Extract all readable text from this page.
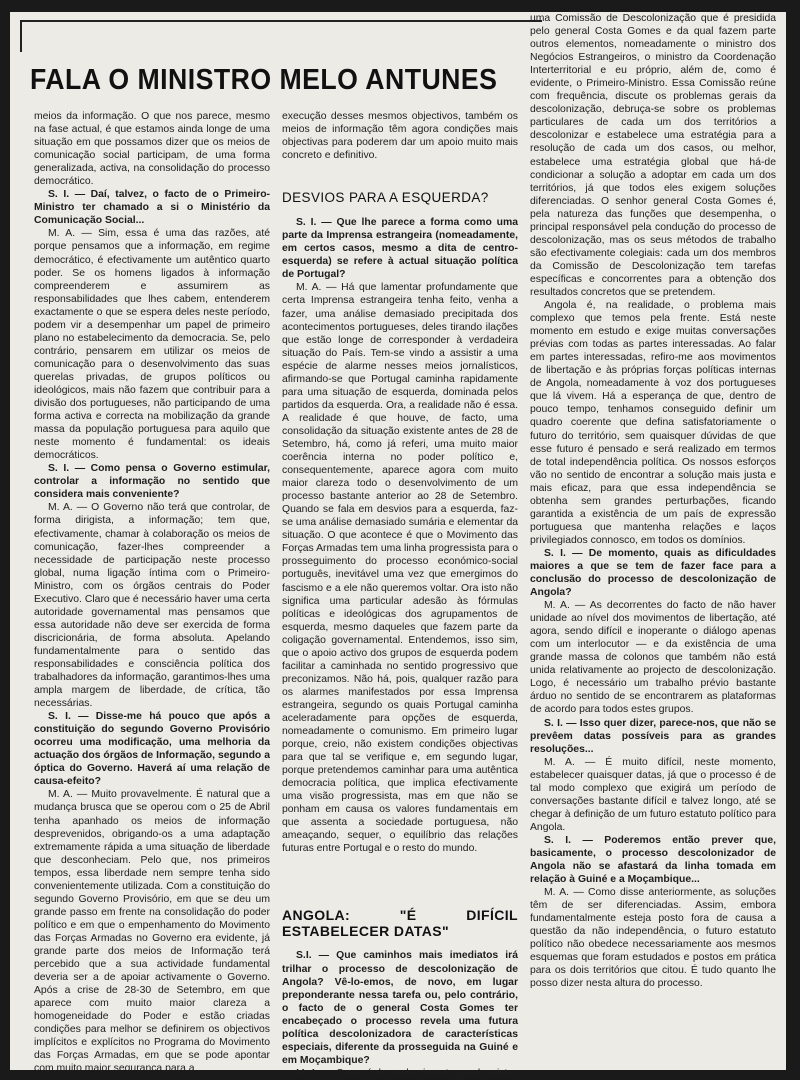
FALA O MINISTRO MELO ANTUNES

meios da informação. O que nos parece, mesmo na fase actual, é que estamos ainda longe de uma situação em que possamos dizer que os meios de comunicação social participam, de uma forma generalizada, activa, na consolidação do processo democrático.

S. I. — Daí, talvez, o facto de o Primeiro-Ministro ter chamado a si o Ministério da Comunicação Social...

M. A. — Sim, essa é uma das razões, até porque pensamos que a informação, em regime democrático, é efectivamente um autêntico quarto poder. Se os homens ligados à informação compreenderem e assumirem as responsabilidades que lhes cabem, entenderem exactamente o que se espera deles neste período, podem vir a desempenhar um papel de primeiro plano no estabelecimento da democracia. Se, pelo contrário, pensarem em utilizar os meios de comunicação para o desenvolvimento das suas querelas privadas, de grupos políticos ou ideológicos, mais não fazem que contribuir para a divisão dos portugueses, não participando de uma forma activa e correcta na mobilização da grande massa da população portuguesa para aquilo que neste momento é fundamental: os ideais democráticos.

S. I. — Como pensa o Governo estimular, controlar a informação no sentido que considera mais conveniente?

M. A. — O Governo não terá que controlar, de forma dirigista, a informação; tem que, efectivamente, chamar à colaboração os meios de comunicação, fazer-lhes compreender a necessidade de participação neste processo global, numa ligação íntima com o Primeiro-Ministro, com os órgãos centrais do Poder Executivo. Claro que é necessário haver uma certa autoridade governamental mas pensamos que essa autoridade não deve ser exercida de forma discricionária, de forma absoluta. Apelando fundamentalmente para o sentido das responsabilidades e consciência política dos trabalhadores da informação, garantimos-lhes uma ampla margem de liberdade, de crítica, tão necessárias.

S. I. — Disse-me há pouco que após a constituição do segundo Governo Provisório ocorreu uma modificação, uma melhoria da actuação dos órgãos de Informação, segundo a óptica do Governo. Haverá aí uma relação de causa-efeito?

M. A. — Muito provavelmente. É natural que a mudança brusca que se operou com o 25 de Abril tenha apanhado os meios de informação desprevenidos, obrigando-os a uma adaptação extremamente rápida a uma situação de liberdade que desconheciam. Pelo que, nos primeiros tempos, essa liberdade nem sempre tenha sido convenientemente utilizada. Com a constituição do segundo Governo Provisório, em que se deu um grande passo em frente na consolidação do poder político e em que o empenhamento do Movimento das Forças Armadas no Governo era evidente, já grande parte dos meios de Informação terá percebido que a sua actividade fundamental deveria ser a de apoiar activamente o Governo. Após a crise de 28-30 de Setembro, em que aparece com muito maior clareza a homogeneidade do Poder e estão criadas condições para melhor se definirem os objectivos implícitos e explícitos no Programa do Movimento das Forças Armadas, em que se pode apontar com muito maior segurança para a

execução desses mesmos objectivos, também os meios de informação têm agora condições mais objectivas para poderem dar um apoio muito mais concreto e definitivo.

DESVIOS PARA A ESQUERDA?

S. I. — Que lhe parece a forma como uma parte da Imprensa estrangeira (nomeadamente, em certos casos, mesmo a dita de centro-esquerda) se refere à actual situação política de Portugal?

M. A. — Há que lamentar profundamente que certa Imprensa estrangeira tenha feito, venha a fazer, uma análise demasiado precipitada dos acontecimentos portugueses, deles tirando ilações que estão longe de corresponder à verdadeira situação do País. Tem-se vindo a assistir a uma espécie de alarme nesses meios jornalísticos, afirmando-se que Portugal caminha rapidamente para uma situação de esquerda, dominada pelos partidos da esquerda. Ora, a realidade não é essa. A realidade é que houve, de facto, uma consolidação da situação existente antes de 28 de Setembro, há, como já referi, uma muito maior coerência interna no poder político e, consequentemente, aparece agora com muito maior clareza todo o desenvolvimento de um processo bastante anterior ao 28 de Setembro. Quando se fala em desvios para a esquerda, faz-se uma análise demasiado sumária e elementar da situação. O que acontece é que o Movimento das Forças Armadas tem uma linha progressista para o prosseguimento do processo económico-social português, inevitável uma vez que emergimos do fascismo e a ele não queremos voltar. Ora isto não significa uma particular adesão às fórmulas políticas e ideológicas dos agrupamentos de esquerda, mesmo daqueles que fazem parte da coligação governamental. Entendemos, isso sim, que o apoio activo dos grupos de esquerda podem facilitar a caminhada no sentido progressivo que preconizamos. Não há, pois, qualquer razão para os alarmes manifestados por essa Imprensa estrangeira, segundo os quais Portugal caminha aceleradamente para opções de esquerda, nomeadamente o comunismo. Em primeiro lugar porque, creio, não existem condições objectivas para que tal se verifique e, em segundo lugar, porque pretendemos caminhar para uma autêntica democracia política, que implica efectivamente uma visão progressista, mas em que não se ponham em causa os valores fundamentais em que assenta a sociedade portuguesa, não ameaçando, sequer, o equilíbrio das relações futuras entre Portugal e o resto do mundo.

ANGOLA: "É DIFÍCIL ESTABELECER DATAS"

S.I. — Que caminhos mais imediatos irá trilhar o processo de descolonização de Angola? Vê-lo-emos, de novo, em lugar preponderante nessa tarefa ou, pelo contrário, o facto de o general Costa Gomes ter encabeçado o processo revela uma futura política descolonizadora de características especiais, diferente da prosseguida na Guiné e em Moçambique?

M. A. — Como é do conhecimento geral, existe

uma Comissão de Descolonização que é presidida pelo general Costa Gomes e da qual fazem parte outros elementos, nomeadamente o ministro dos Negócios Estrangeiros, o ministro da Coordenação Interterritorial e eu próprio, além de, como é evidente, o Primeiro-Ministro. Essa Comissão reúne com frequência, discute os problemas gerais da descolonização, debruça-se sobre os problemas particulares de cada um dos territórios a descolonizar e estabelece uma estratégia para a resolução de cada um dos casos, ou melhor, estabelece uma estratégia global que há-de condicionar a solução a adoptar em cada um dos territórios, já que todos eles exigem soluções diferenciadas. O senhor general Costa Gomes é, pela natureza das funções que desempenha, o principal responsável pela condução do processo de descolonização, mas os seus métodos de trabalho são efectivamente colegiais: cada um dos membros da Comissão de Descolonização tem tarefas específicas e concorrentes para a obtenção dos resultados concretos que se pretendem.

Angola é, na realidade, o problema mais complexo que temos pela frente. Está neste momento em estudo e exige muitas conversações prévias com todas as partes interessadas. Ao falar em partes interessadas, refiro-me aos movimentos de libertação e às próprias forças políticas internas de Angola, nomeadamente à voz dos portugueses que lá vivem. Há a esperança de que, dentro de pouco tempo, tenhamos conseguido definir um quadro coerente que defina satisfatoriamente o futuro do território, sem quaisquer dúvidas de que esse futuro é pensado e será realizado em termos de total independência política. Os nossos esforços vão no sentido de encontrar a solução mais justa e mais eficaz, para que essa independência se obtenha sem grandes perturbações, ficando garantida a existência de um país de expressão portuguesa que mantenha relações e laços privilegiados connosco, em todos os domínios.

S. I. — De momento, quais as dificuldades maiores a que se tem de fazer face para a conclusão do processo de descolonização de Angola?

M. A. — As decorrentes do facto de não haver unidade ao nível dos movimentos de libertação, até agora, sendo difícil e inoperante o diálogo apenas com um interlocutor — e da existência de uma grande massa de colonos que também não está unida relativamente ao projecto de descolonização. Logo, é necessário um trabalho prévio bastante árduo no sentido de se encontrarem as plataformas de acordo para todos estes grupos.

S. I. — Isso quer dizer, parece-nos, que não se prevêem datas possíveis para as grandes resoluções...

M. A. — É muito difícil, neste momento, estabelecer quaisquer datas, já que o processo é de tal modo complexo que exigirá um período de conversações bastante difícil e talvez longo, até se chegar à definição de um futuro estatuto político para Angola.

S. I. — Poderemos então prever que, basicamente, o processo descolonizador de Angola não se afastará da linha tomada em relação à Guiné e a Moçambique...

M. A. — Como disse anteriormente, as soluções têm de ser diferenciadas. Assim, embora fundamentalmente esteja posto fora de causa a questão da não independência, o futuro estatuto político não obedece necessariamente aos mesmos esquemas que foram estudados e postos em prática para os dois territórios que citou. É tudo quanto lhe posso dizer nesta altura do processo.
